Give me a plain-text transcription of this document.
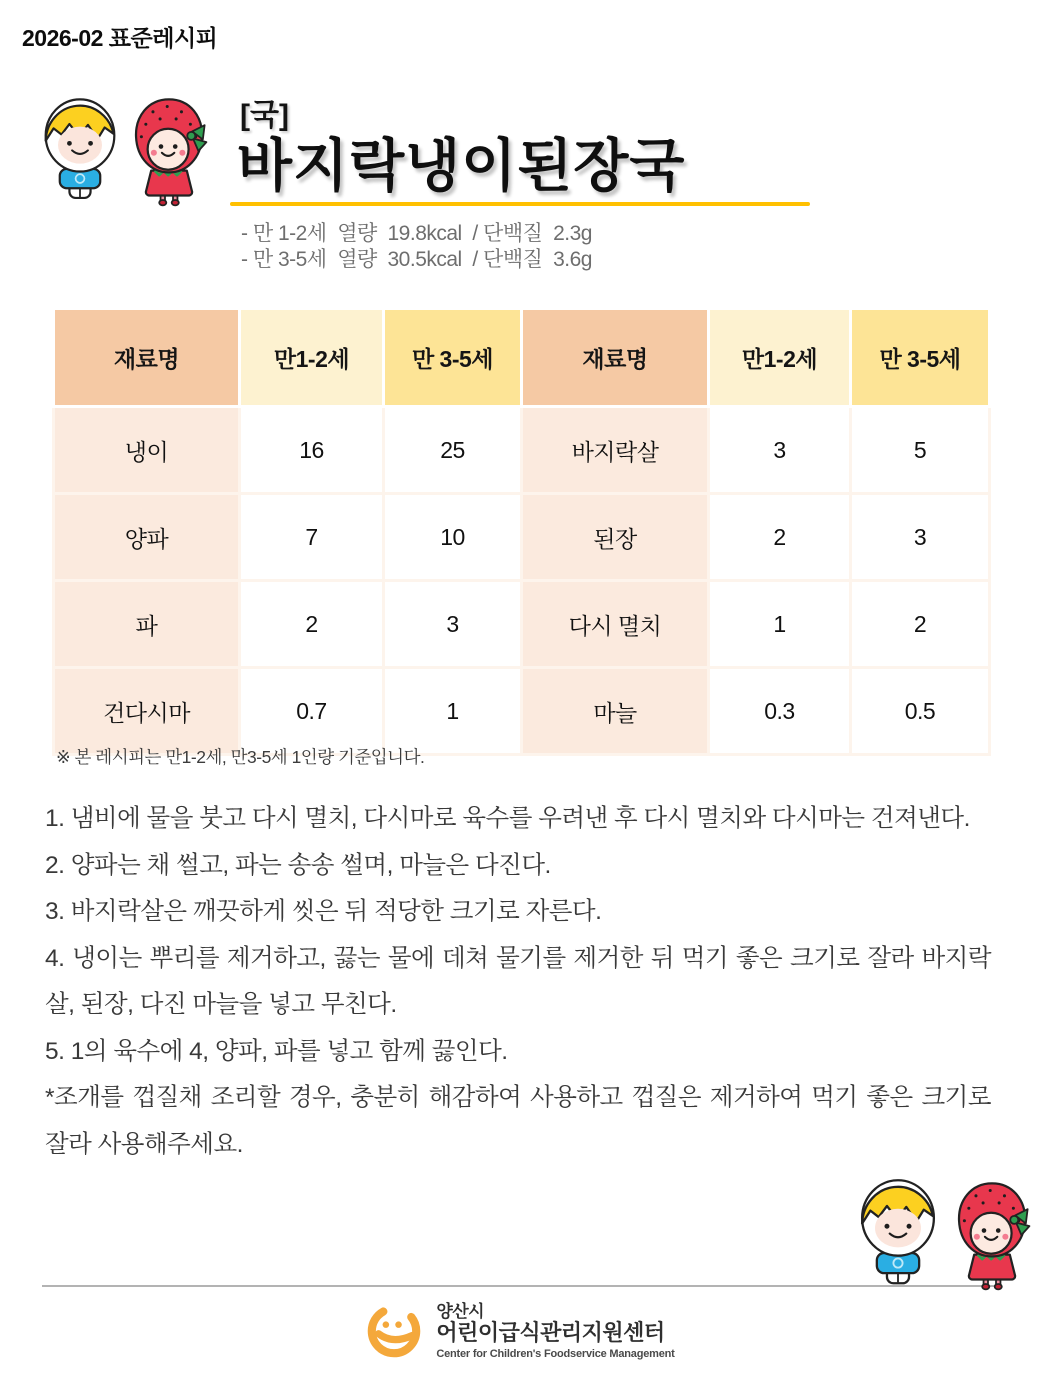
2026-02 표준레시피
[국]
바지락냉이된장국
- 만 1-2세  열량  19.8kcal  / 단백질  2.3g
- 만 3-5세  열량  30.5kcal  / 단백질  3.6g
재료명	만1-2세	만 3-5세	재료명	만1-2세	만 3-5세
냉이	16	25	바지락살	3	5
양파	7	10	된장	2	3
파	2	3	다시 멸치	1	2
건다시마	0.7	1	마늘	0.3	0.5
※ 본 레시피는 만1-2세, 만3-5세 1인량 기준입니다.

1. 냄비에 물을 붓고 다시 멸치, 다시마로 육수를 우려낸 후 다시 멸치와 다시마는 건져낸다.

2. 양파는 채 썰고, 파는 송송 썰며, 마늘은 다진다.

3. 바지락살은 깨끗하게 씻은 뒤 적당한 크기로 자른다.

4. 냉이는 뿌리를 제거하고, 끓는 물에 데쳐 물기를 제거한 뒤 먹기 좋은 크기로 잘라 바지락살, 된장, 다진 마늘을 넣고 무친다.

5. 1의 육수에 4, 양파, 파를 넣고 함께 끓인다.

*조개를 껍질채 조리할 경우, 충분히 해감하여 사용하고 껍질은 제거하여 먹기 좋은 크기로 잘라 사용해주세요.

양산시
어린이급식관리지원센터
Center for Children's Foodservice Management
